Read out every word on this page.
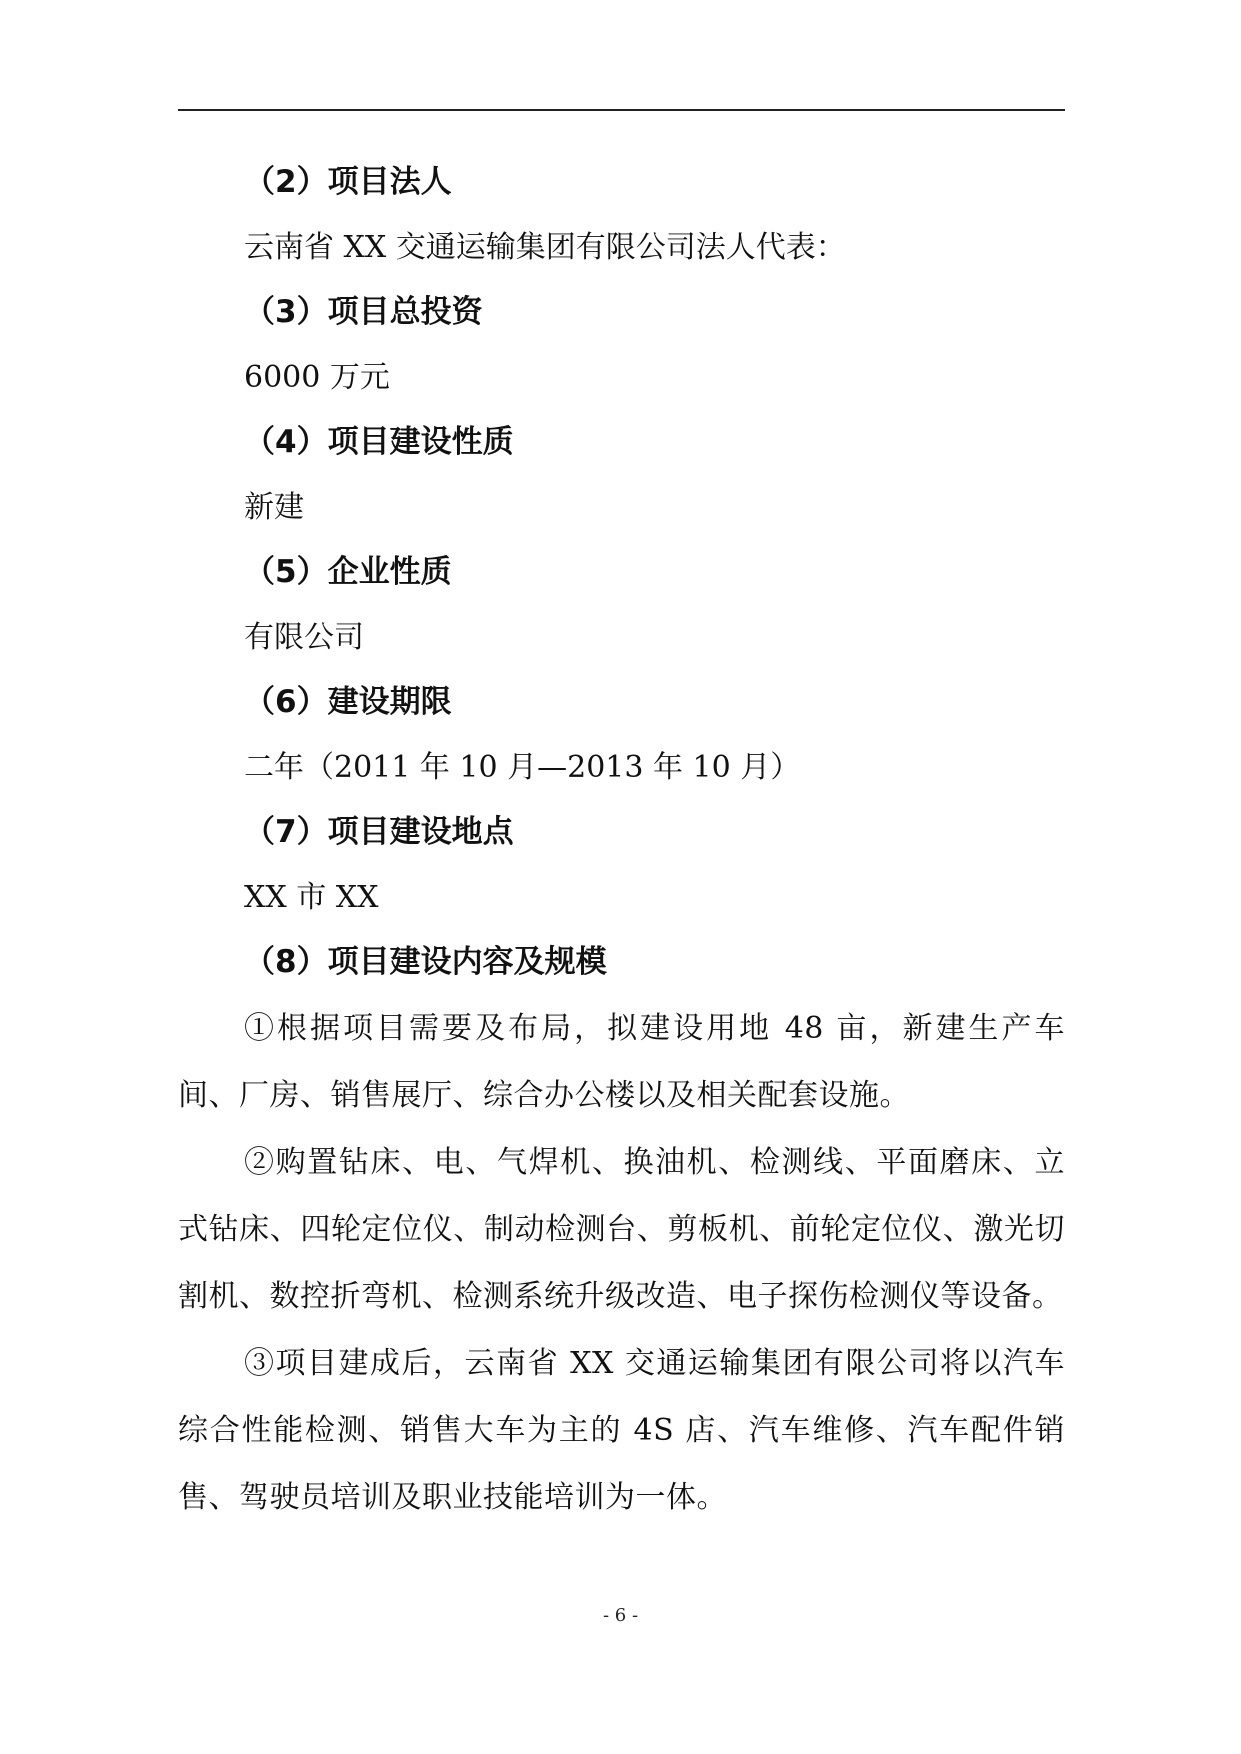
（2）项目法人

云南省 XX 交通运输集团有限公司法人代表：

（3）项目总投资

6000 万元

（4）项目建设性质

新建

（5）企业性质

有限公司

（6）建设期限

二年（2011 年 10 月—2013 年 10 月）

（7）项目建设地点

XX 市 XX

（8）项目建设内容及规模

①根据项目需要及布局，拟建设用地 48 亩，新建生产车间、厂房、销售展厅、综合办公楼以及相关配套设施。

②购置钻床、电、气焊机、换油机、检测线、平面磨床、立式钻床、四轮定位仪、制动检测台、剪板机、前轮定位仪、激光切割机、数控折弯机、检测系统升级改造、电子探伤检测仪等设备。

③项目建成后，云南省 XX 交通运输集团有限公司将以汽车综合性能检测、销售大车为主的 4S 店、汽车维修、汽车配件销售、驾驶员培训及职业技能培训为一体。

- 6 -
